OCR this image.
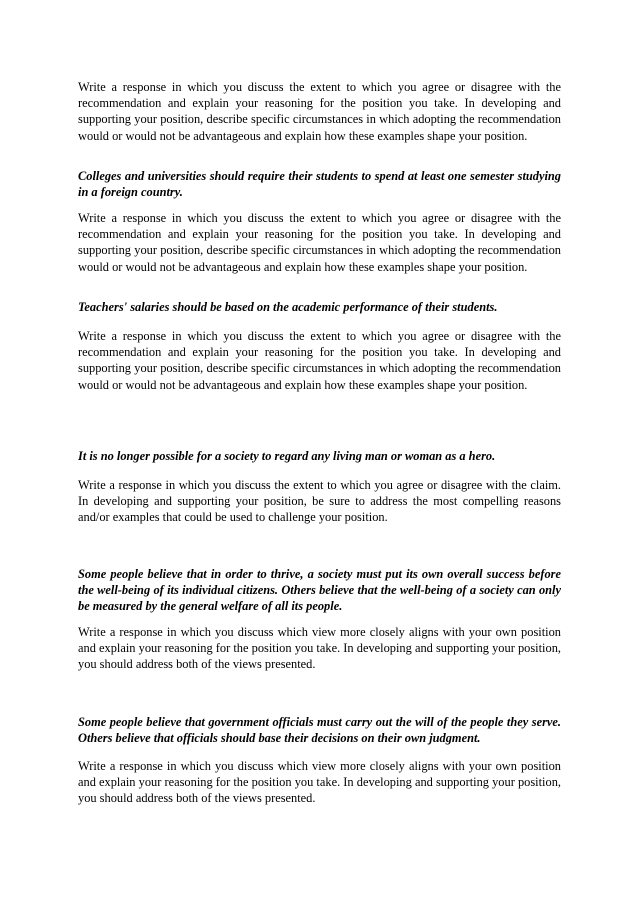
Write a response in which you discuss the extent to which you agree or disagree with the recommendation and explain your reasoning for the position you take. In developing and supporting your position, describe specific circumstances in which adopting the recommendation would or would not be advantageous and explain how these examples shape your position.

Colleges and universities should require their students to spend at least one semester studying in a foreign country.

Write a response in which you discuss the extent to which you agree or disagree with the recommendation and explain your reasoning for the position you take. In developing and supporting your position, describe specific circumstances in which adopting the recommendation would or would not be advantageous and explain how these examples shape your position.

Teachers' salaries should be based on the academic performance of their students.

Write a response in which you discuss the extent to which you agree or disagree with the recommendation and explain your reasoning for the position you take. In developing and supporting your position, describe specific circumstances in which adopting the recommendation would or would not be advantageous and explain how these examples shape your position.

It is no longer possible for a society to regard any living man or woman as a hero.

Write a response in which you discuss the extent to which you agree or disagree with the claim. In developing and supporting your position, be sure to address the most compelling reasons and/or examples that could be used to challenge your position.

Some people believe that in order to thrive, a society must put its own overall success before the well-being of its individual citizens. Others believe that the well-being of a society can only be measured by the general welfare of all its people.

Write a response in which you discuss which view more closely aligns with your own position and explain your reasoning for the position you take. In developing and supporting your position, you should address both of the views presented.

Some people believe that government officials must carry out the will of the people they serve. Others believe that officials should base their decisions on their own judgment.

Write a response in which you discuss which view more closely aligns with your own position and explain your reasoning for the position you take. In developing and supporting your position, you should address both of the views presented.
